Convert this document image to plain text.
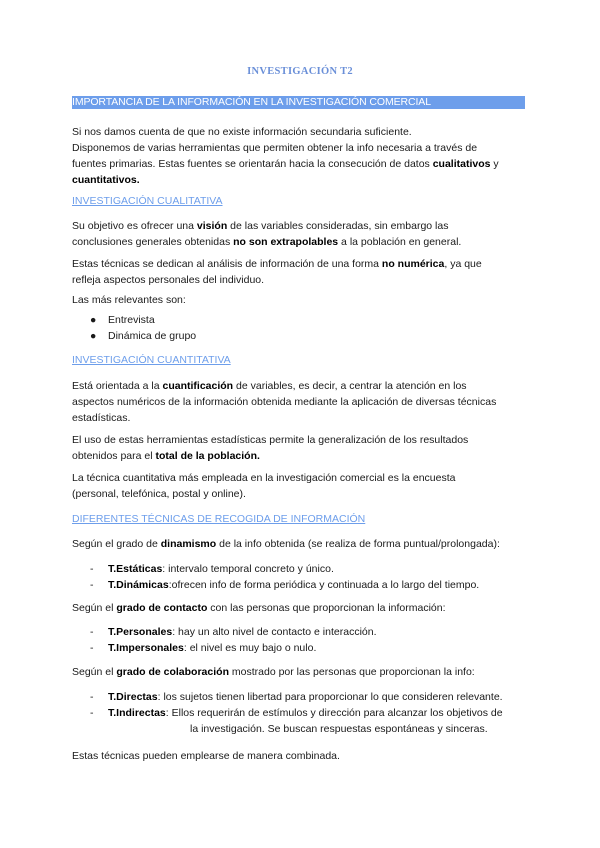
INVESTIGACIÓN T2
IMPORTANCIA DE LA INFORMACIÓN EN LA INVESTIGACIÓN COMERCIAL
Si nos damos cuenta de que no existe información secundaria suficiente.
Disponemos de varias herramientas que permiten obtener la info necesaria a través de
fuentes primarias. Estas fuentes se orientarán hacia la consecución de datos cualitativos y
cuantitativos.
INVESTIGACIÓN CUALITATIVA
Su objetivo es ofrecer una visión de las variables consideradas, sin embargo las
conclusiones generales obtenidas no son extrapolables a la población en general.
Estas técnicas se dedican al análisis de información de una forma no numérica, ya que
refleja aspectos personales del individuo.
Las más relevantes son:
● Entrevista
● Dinámica de grupo
INVESTIGACIÓN CUANTITATIVA
Está orientada a la cuantificación de variables, es decir, a centrar la atención en los
aspectos numéricos de la información obtenida mediante la aplicación de diversas técnicas
estadísticas.
El uso de estas herramientas estadísticas permite la generalización de los resultados
obtenidos para el total de la población.
La técnica cuantitativa más empleada en la investigación comercial es la encuesta
(personal, telefónica, postal y online).
DIFERENTES TÉCNICAS DE RECOGIDA DE INFORMACIÓN
Según el grado de dinamismo de la info obtenida (se realiza de forma puntual/prolongada):
- T.Estáticas: intervalo temporal concreto y único.
- T.Dinámicas:ofrecen info de forma periódica y continuada a lo largo del tiempo.
Según el grado de contacto con las personas que proporcionan la información:
- T.Personales: hay un alto nivel de contacto e interacción.
- T.Impersonales: el nivel es muy bajo o nulo.
Según el grado de colaboración mostrado por las personas que proporcionan la info:
- T.Directas: los sujetos tienen libertad para proporcionar lo que consideren relevante.
- T.Indirectas: Ellos requerirán de estímulos y dirección para alcanzar los objetivos de
la investigación. Se buscan respuestas espontáneas y sinceras.
Estas técnicas pueden emplearse de manera combinada.
